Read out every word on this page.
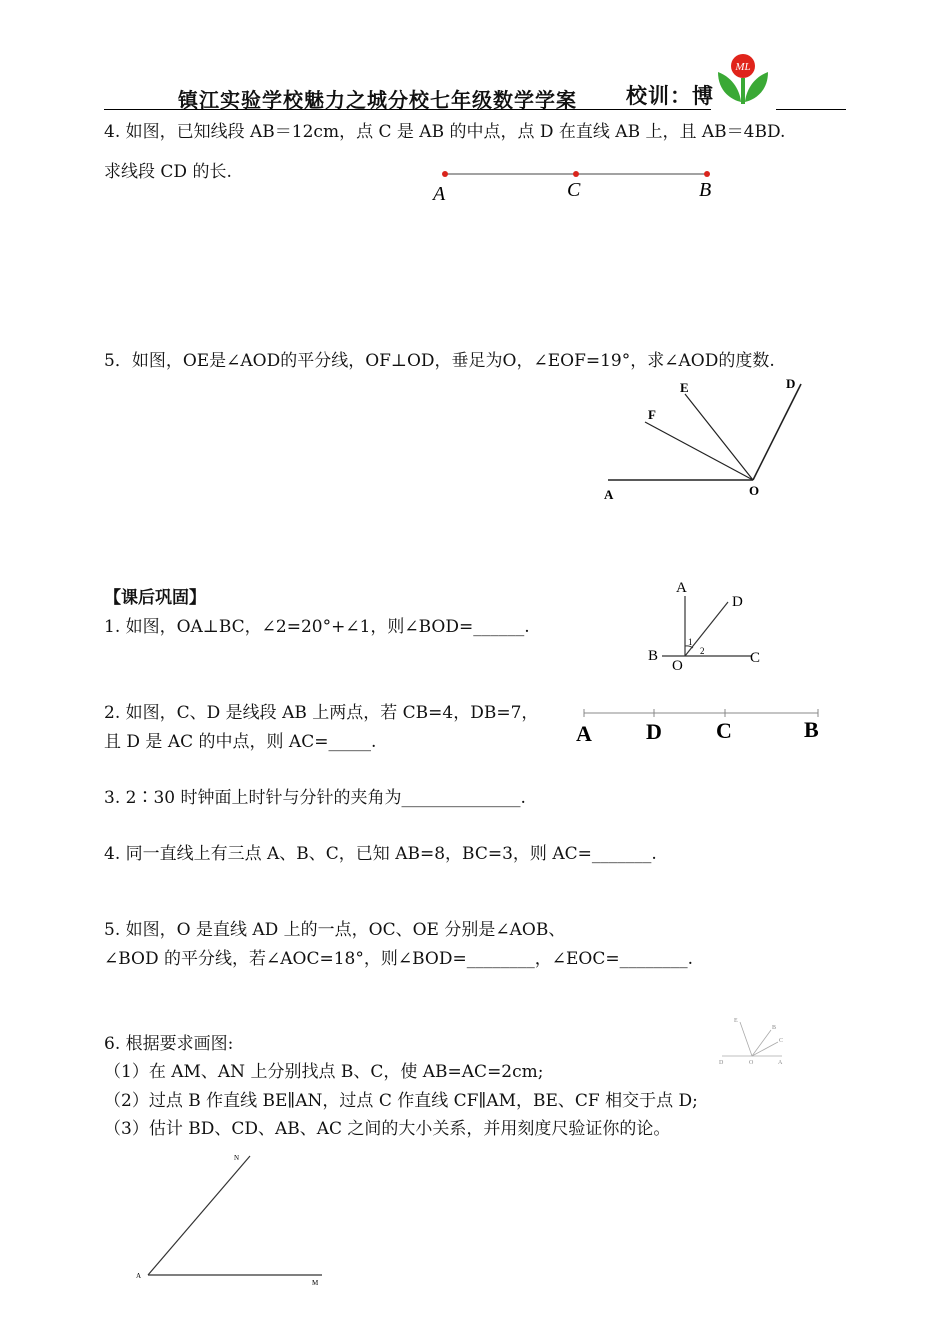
镇江实验学校魅力之城分校七年级数学学案 校训：博
ML
4. 如图，已知线段 AB＝12cm，点 C 是 AB 的中点，点 D 在直线 AB 上，且 AB＝4BD.
求线段 CD 的长.
A	C	B
5．如图，OE是∠AOD的平分线，OF⊥OD，垂足为O，∠EOF=19°，求∠AOD的度数.
A	O
F
E	D
【课后巩固】
1. 如图，OA⊥BC，∠2=20°+∠1，则∠BOD=______.
A
D
B
O	C
1
2
2. 如图，C、D 是线段 AB 上两点，若 CB=4，DB=7，
且 D 是 AC 的中点，则 AC=_____.	A D C	B
3. 2∶30 时钟面上时针与分针的夹角为______________.
4. 同一直线上有三点 A、B、C，已知 AB=8，BC=3，则 AC=_______.
5. 如图，O 是直线 AD 上的一点，OC、OE 分别是∠AOB、
∠BOD 的平分线，若∠AOC=18°，则∠BOD=________，∠EOC=________.
6. 根据要求画图:
（1）在 AM、AN 上分别找点 B、C，使 AB=AC=2cm;
（2）过点 B 作直线 BE∥AN，过点 C 作直线 CF∥AM，BE、CF 相交于点 D;
（3）估计 BD、CD、AB、AC 之间的大小关系，并用刻度尺验证你的论。
E
B
C
D	O	A
N
A
M
